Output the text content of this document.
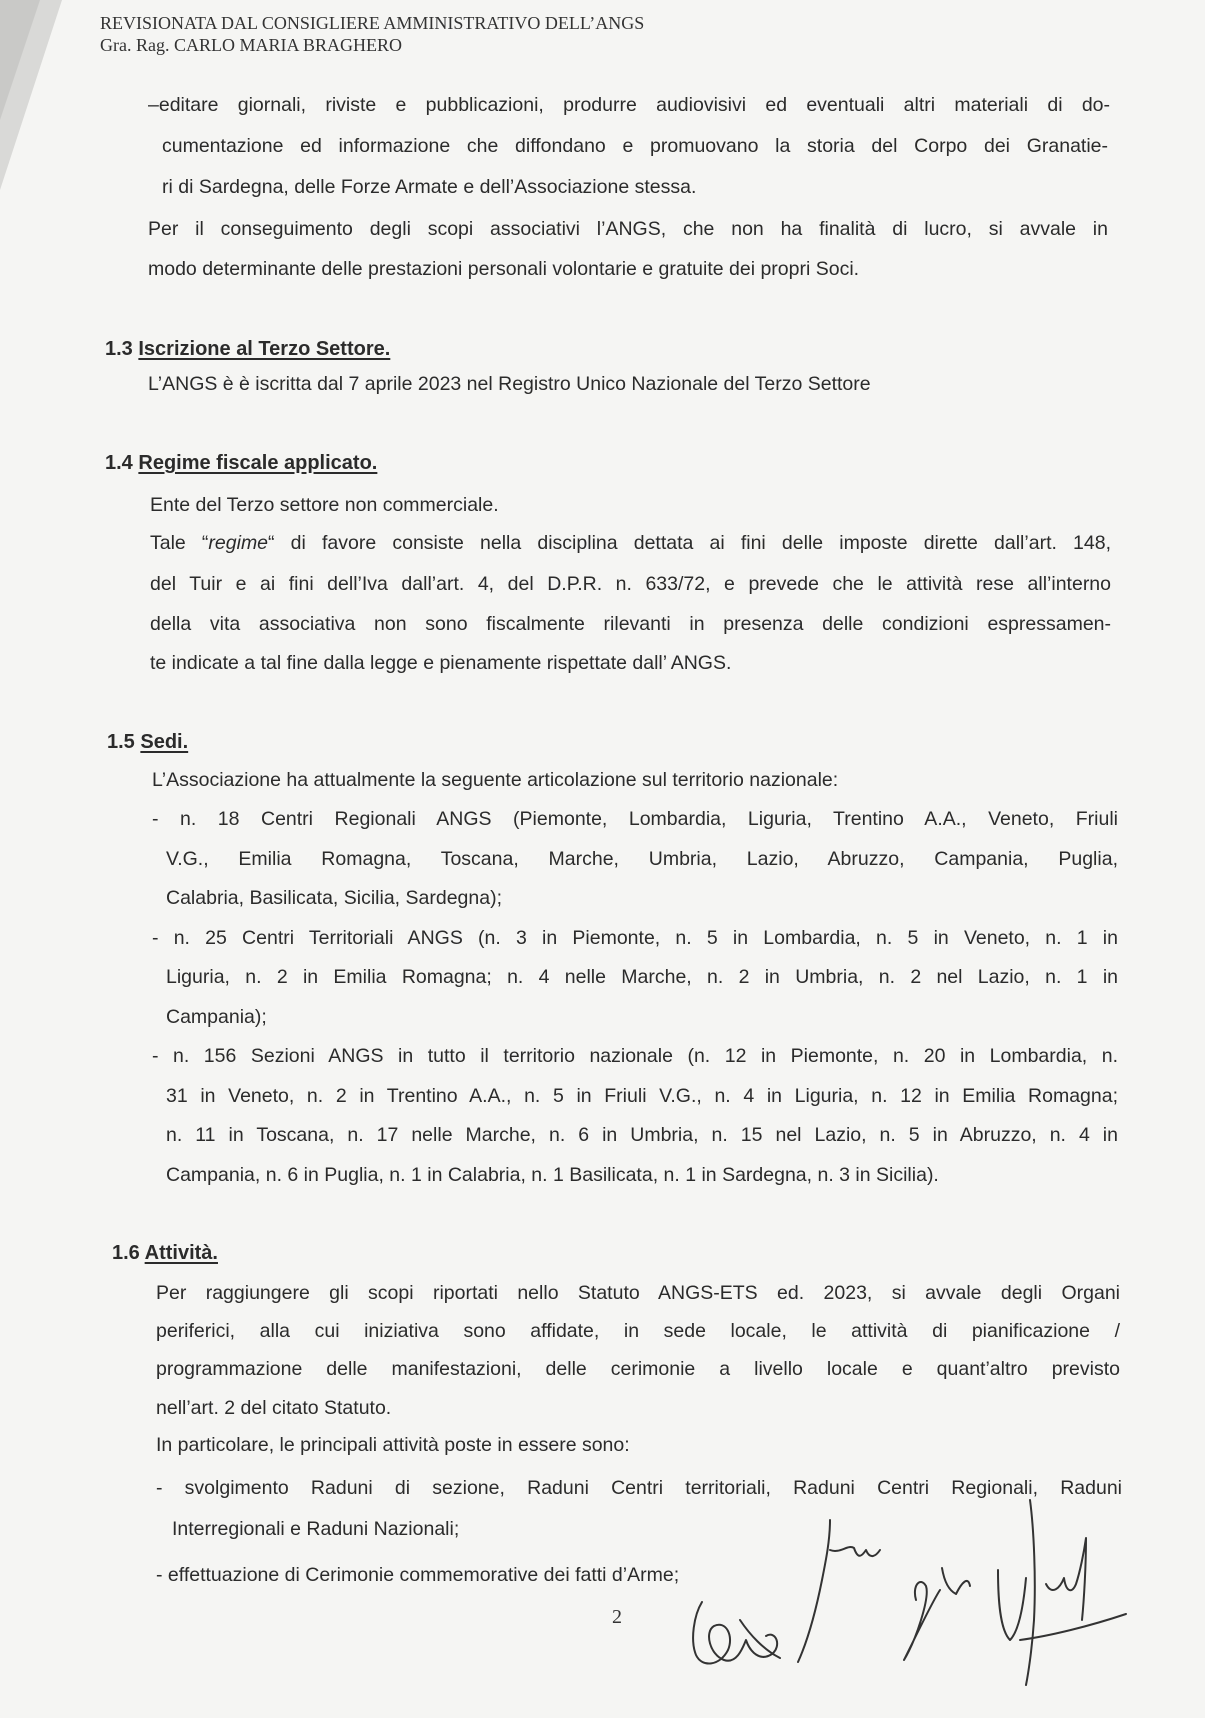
REVISIONATA DAL CONSIGLIERE AMMINISTRATIVO DELL’ANGS
Gra. Rag. CARLO MARIA BRAGHERO
–editare giornali, riviste e pubblicazioni, produrre audiovisivi ed eventuali altri materiali di do-
cumentazione ed informazione che diffondano e promuovano la storia del Corpo dei Granatie-
ri di Sardegna, delle Forze Armate e dell’Associazione stessa.
Per il conseguimento degli scopi associativi l’ANGS, che non ha finalità di lucro, si avvale in
modo determinante delle prestazioni personali volontarie e gratuite dei propri Soci.
1.3 Iscrizione al Terzo Settore.
L’ANGS è è iscritta dal 7 aprile 2023 nel Registro Unico Nazionale del Terzo Settore
1.4 Regime fiscale applicato.
Ente del Terzo settore non commerciale.
Tale “regime“ di favore consiste nella disciplina dettata ai fini delle imposte dirette dall’art. 148,
del Tuir e ai fini dell’Iva dall’art. 4, del D.P.R. n. 633/72, e prevede che le attività rese all’interno
della vita associativa non sono fiscalmente rilevanti in presenza delle condizioni espressamen-
te indicate a tal fine dalla legge e pienamente rispettate dall’ ANGS.
1.5 Sedi.
L’Associazione ha attualmente la seguente articolazione sul territorio nazionale:
- n. 18 Centri Regionali ANGS (Piemonte, Lombardia, Liguria, Trentino A.A., Veneto, Friuli
V.G., Emilia Romagna, Toscana, Marche, Umbria, Lazio, Abruzzo, Campania, Puglia,
Calabria, Basilicata, Sicilia, Sardegna);
- n. 25 Centri Territoriali ANGS (n. 3 in Piemonte, n. 5 in Lombardia, n. 5 in Veneto, n. 1 in
Liguria, n. 2 in Emilia Romagna; n. 4 nelle Marche, n. 2 in Umbria, n. 2 nel Lazio, n. 1 in
Campania);
- n. 156 Sezioni ANGS in tutto il territorio nazionale (n. 12 in Piemonte, n. 20 in Lombardia, n.
31 in Veneto, n. 2 in Trentino A.A., n. 5 in Friuli V.G., n. 4 in Liguria, n. 12 in Emilia Romagna;
n. 11 in Toscana, n. 17 nelle Marche, n. 6 in Umbria, n. 15 nel Lazio, n. 5 in Abruzzo, n. 4 in
Campania, n. 6 in Puglia, n. 1 in Calabria, n. 1 Basilicata, n. 1 in Sardegna, n. 3 in Sicilia).
1.6 Attività.
Per raggiungere gli scopi riportati nello Statuto ANGS-ETS ed. 2023, si avvale degli Organi
periferici, alla cui iniziativa sono affidate, in sede locale, le attività di pianificazione /
programmazione delle manifestazioni, delle cerimonie a livello locale e quant’altro previsto
nell’art. 2 del citato Statuto.
In particolare, le principali attività poste in essere sono:
- svolgimento Raduni di sezione, Raduni Centri territoriali, Raduni Centri Regionali, Raduni
Interregionali e Raduni Nazionali;
- effettuazione di Cerimonie commemorative dei fatti d’Arme;
2
